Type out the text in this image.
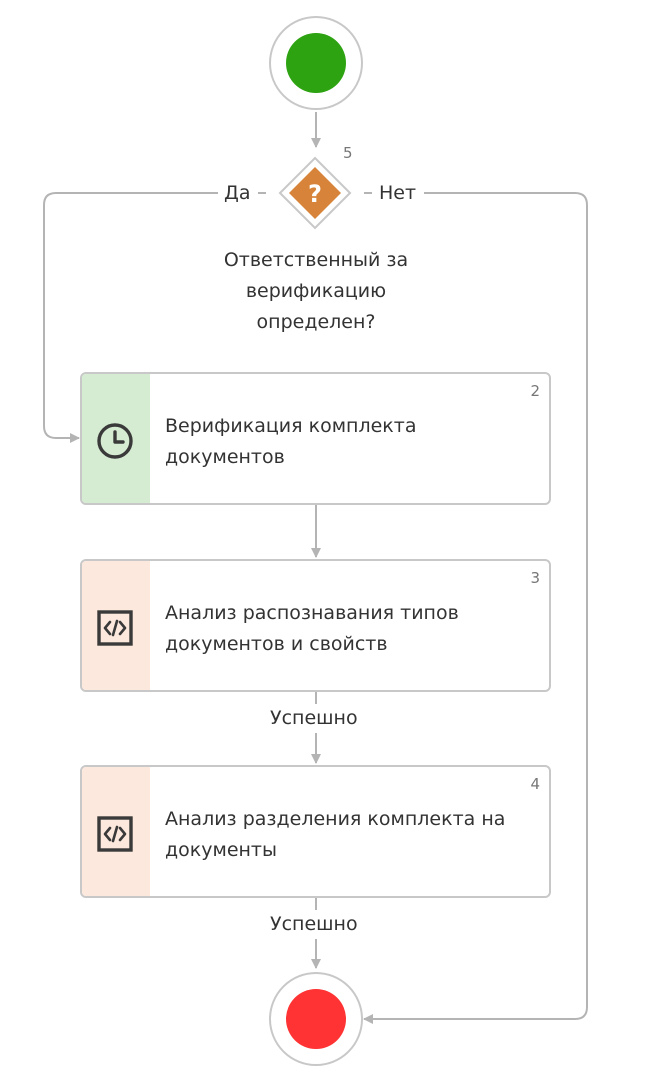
?
5
Да	Нет
Ответственный за верификацию определен?
Верификация комплекта документов
2
Анализ распознавания типов документов и свойств
3
Анализ разделения комплекта на документы
4
Успешно
Успешно
